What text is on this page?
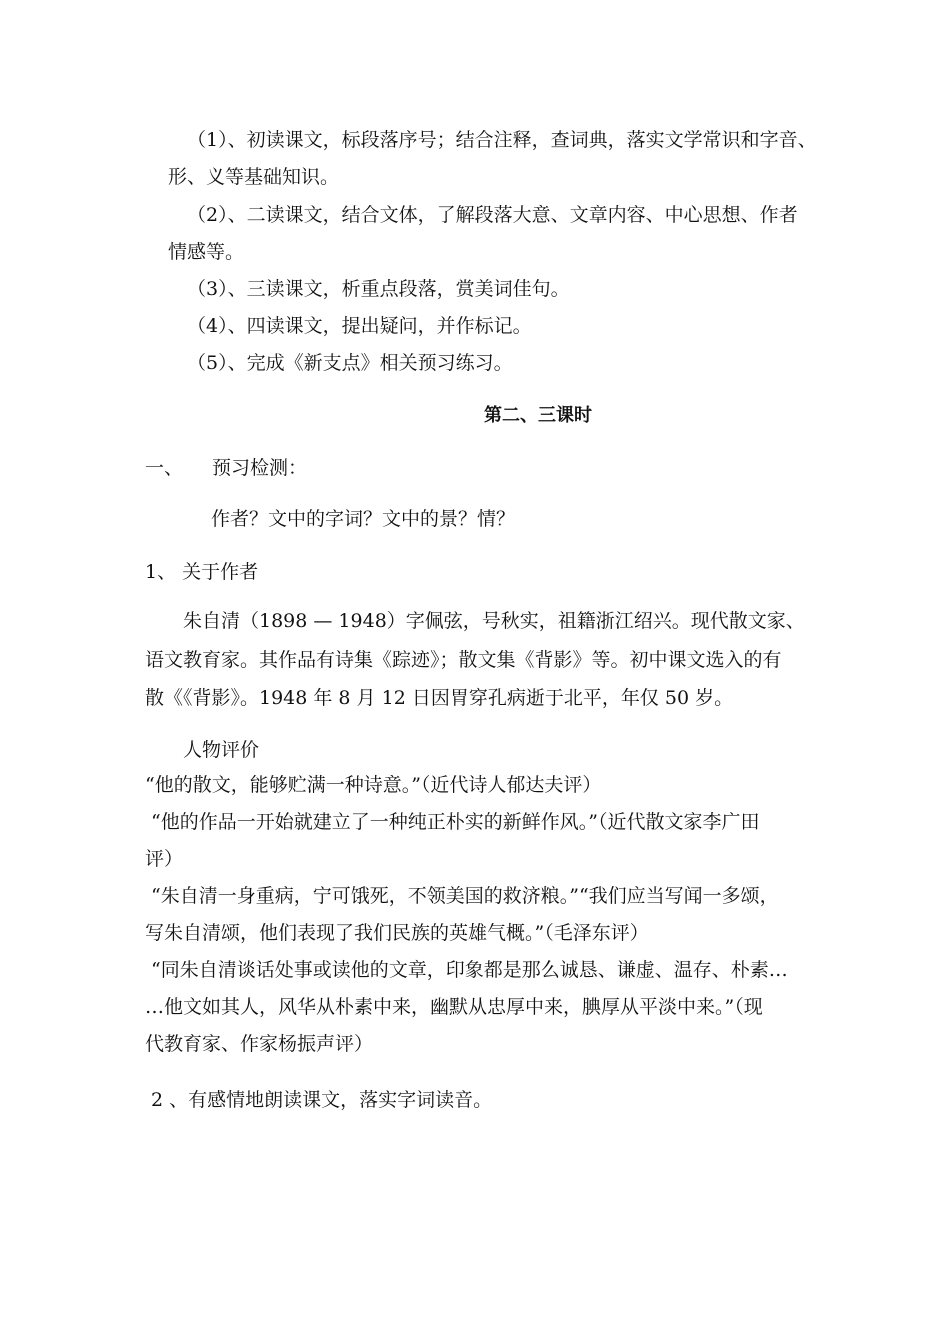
（1）、初读课文，标段落序号；结合注释，查词典，落实文学常识和字音、
形、义等基础知识。
（2）、二读课文，结合文体，了解段落大意、文章内容、中心思想、作者
情感等。
（3）、三读课文，析重点段落，赏美词佳句。
（4）、四读课文，提出疑问，并作标记。
（5）、完成《新支点》相关预习练习。
第二、三课时
一、 预习检测：
作者？文中的字词？文中的景？情？
1、 关于作者
朱自清（1898 — 1948）字佩弦，号秋实，祖籍浙江绍兴。现代散文家、
语文教育家。其作品有诗集《踪迹》；散文集《背影》等。初中课文选入的有
散《《背影》。1948 年 8 月 12 日因胃穿孔病逝于北平，年仅 50 岁。
人物评价
“他的散文，能够贮满一种诗意。”（近代诗人郁达夫评）
“他的作品一开始就建立了一种纯正朴实的新鲜作风。”（近代散文家李广田
评）
“朱自清一身重病，宁可饿死，不领美国的救济粮。”“我们应当写闻一多颂，
写朱自清颂，他们表现了我们民族的英雄气概。”（毛泽东评）
“同朱自清谈话处事或读他的文章，印象都是那么诚恳、谦虚、温存、朴素…
…他文如其人，风华从朴素中来，幽默从忠厚中来，腆厚从平淡中来。”（现
代教育家、作家杨振声评）
2 、有感情地朗读课文，落实字词读音。
